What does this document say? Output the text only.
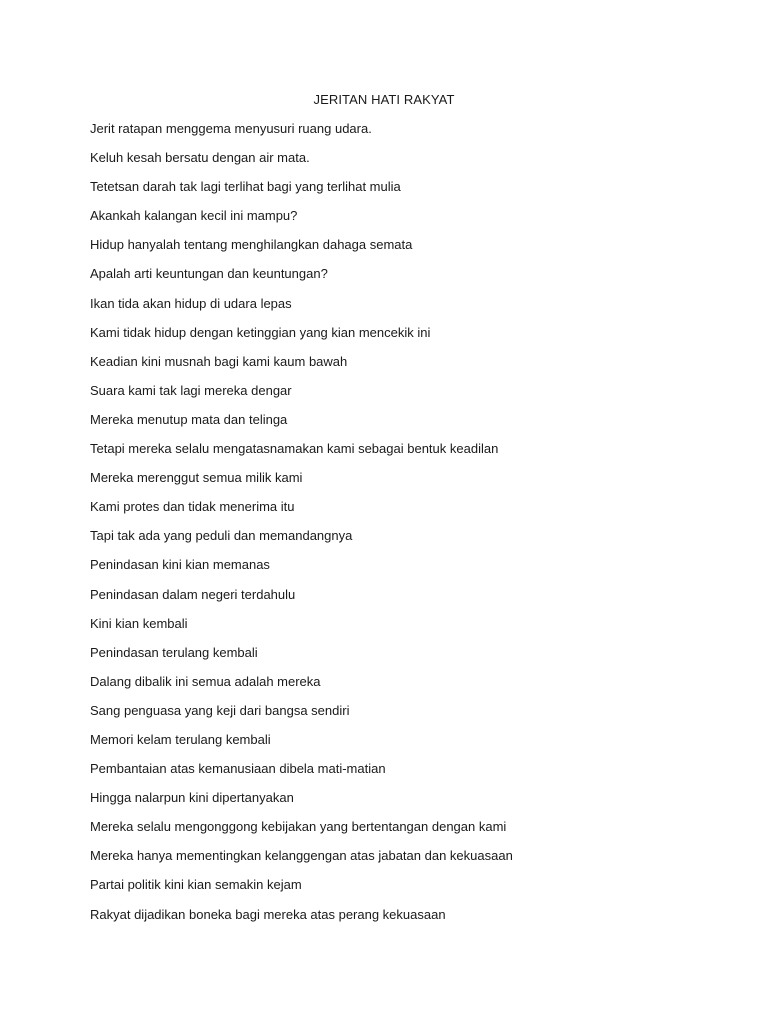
JERITAN HATI RAKYAT
Jerit ratapan menggema menyusuri ruang udara.
Keluh kesah bersatu dengan air mata.
Tetetsan darah tak lagi terlihat bagi yang terlihat mulia
Akankah kalangan kecil ini mampu?
Hidup hanyalah tentang menghilangkan dahaga semata
Apalah arti keuntungan dan keuntungan?
Ikan tida akan hidup di udara lepas
Kami tidak hidup dengan ketinggian yang kian mencekik ini
Keadian kini musnah bagi kami kaum bawah
Suara kami tak lagi mereka dengar
Mereka menutup mata dan telinga
Tetapi mereka selalu mengatasnamakan kami sebagai bentuk keadilan
Mereka merenggut semua milik kami
Kami protes dan tidak menerima itu
Tapi tak ada yang peduli dan memandangnya
Penindasan kini kian memanas
Penindasan dalam negeri terdahulu
Kini kian kembali
Penindasan terulang kembali
Dalang dibalik ini semua adalah mereka
Sang penguasa yang keji dari bangsa sendiri
Memori kelam terulang kembali
Pembantaian atas kemanusiaan dibela mati-matian
Hingga nalarpun kini dipertanyakan
Mereka selalu mengonggong kebijakan yang bertentangan dengan kami
Mereka hanya mementingkan kelanggengan atas jabatan dan kekuasaan
Partai politik kini kian semakin kejam
Rakyat dijadikan boneka bagi mereka atas perang kekuasaan
